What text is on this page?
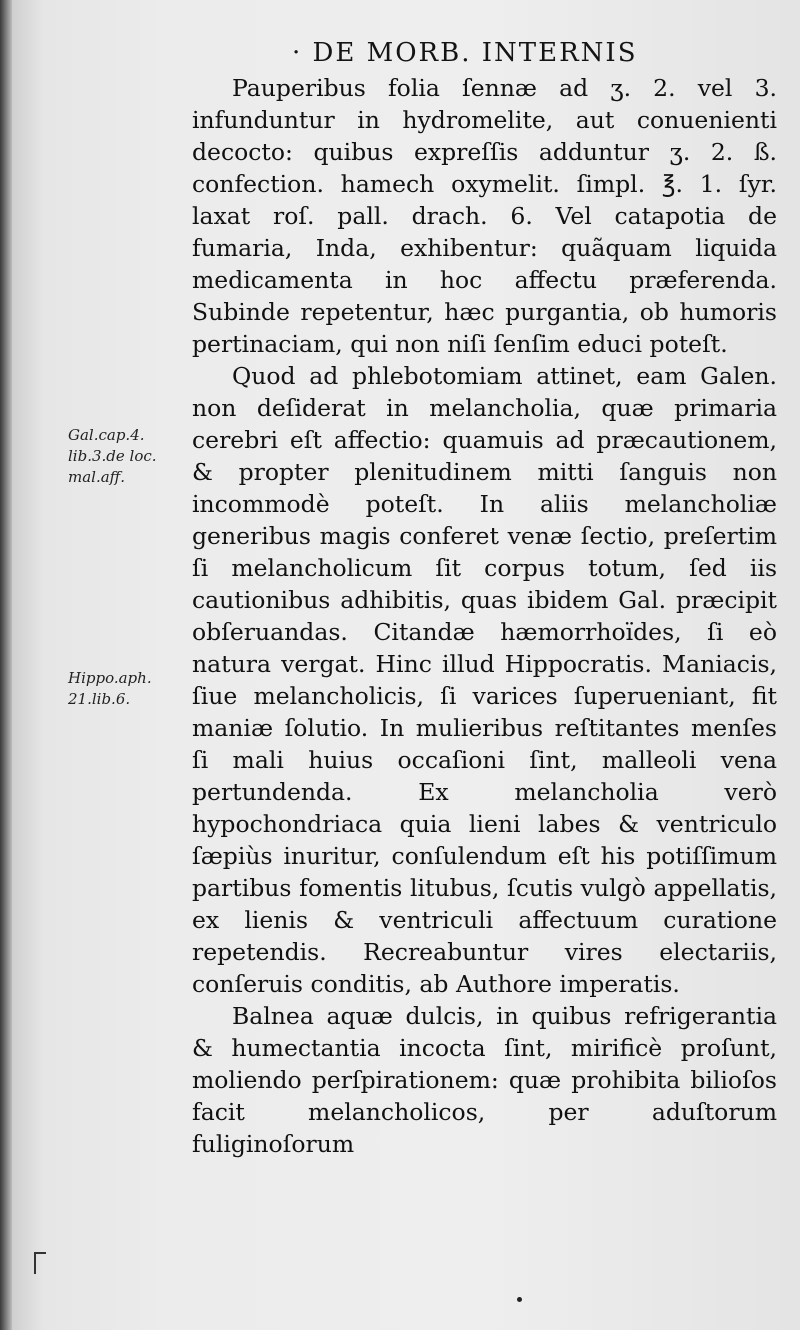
· DE MORB. INTERNIS

Pauperibus folia ſennæ ad ʒ. 2. vel 3. infunduntur in hydromelite, aut conuenienti decocto: quibus expreſſis adduntur ʒ. 2. ß. confection. hamech oxymelit. ſimpl. ℥. 1. ſyr. laxat roſ. pall. drach. 6. Vel catapotia de fumaria, Inda, exhibentur: quãquam liquida medicamenta in hoc affectu præferenda. Subinde repetentur, hæc purgantia, ob humoris pertinaciam, qui non niſi ſenſim educi poteſt.

Quod ad phlebotomiam attinet, eam Galen. non deſiderat in melancholia, quæ primaria cerebri eſt affectio: quamuis ad præcautionem, & propter plenitudinem mitti ſanguis non incommodè poteſt. In aliis melancholiæ generibus magis conferet venæ ſectio, preſertim ſi melancholicum ſit corpus totum, ſed iis cautionibus adhibitis, quas ibidem Gal. præcipit obſeruandas. Citandæ hæmorrhoïdes, ſi eò natura vergat. Hinc illud Hippocratis. Maniacis, ſiue melancholicis, ſi varices ſuperueniant, fit maniæ ſolutio. In mulieribus reſtitantes menſes ſi mali huius occaſioni ſint, malleoli vena pertundenda. Ex melancholia verò hypochondriaca quia lieni labes & ventriculo ſæpiùs inuritur, conſulendum eſt his potiſſimum partibus fomentis litubus, ſcutis vulgò appellatis, ex lienis & ventriculi affectuum curatione repetendis. Recreabuntur vires electariis, conſeruis conditis, ab Authore imperatis.

Balnea aquæ dulcis, in quibus refrigerantia & humectantia incocta ſint, mirificè proſunt, moliendo perſpirationem: quæ prohibita bilioſos facit melancholicos, per aduſtorum fuliginoſorum

Gal.cap.4.
lib.3.de loc.
mal.aff.
Hippo.aph.
21.lib.6.
